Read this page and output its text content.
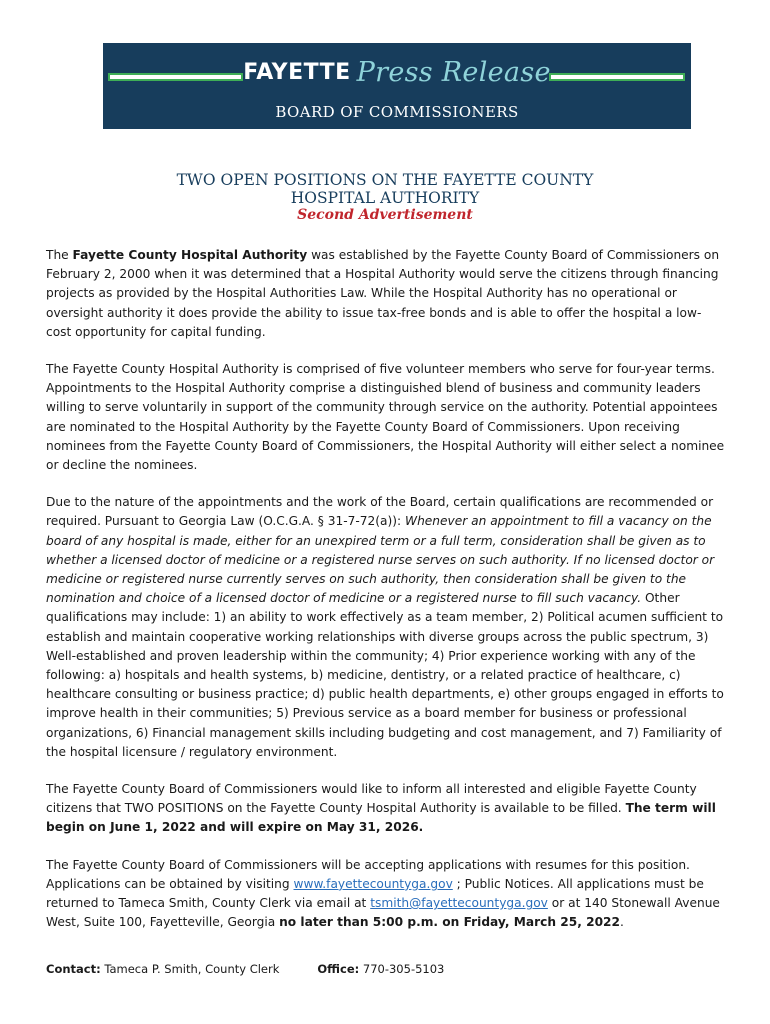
FAYETTE Press Release
BOARD OF COMMISSIONERS
TWO OPEN POSITIONS ON THE FAYETTE COUNTY
HOSPITAL AUTHORITY
Second Advertisement

The Fayette County Hospital Authority was established by the Fayette County Board of Commissioners on February 2, 2000 when it was determined that a Hospital Authority would serve the citizens through financing projects as provided by the Hospital Authorities Law. While the Hospital Authority has no operational or oversight authority it does provide the ability to issue tax-free bonds and is able to offer the hospital a low-cost opportunity for capital funding.

The Fayette County Hospital Authority is comprised of five volunteer members who serve for four-year terms. Appointments to the Hospital Authority comprise a distinguished blend of business and community leaders willing to serve voluntarily in support of the community through service on the authority. Potential appointees are nominated to the Hospital Authority by the Fayette County Board of Commissioners. Upon receiving nominees from the Fayette County Board of Commissioners, the Hospital Authority will either select a nominee or decline the nominees.

Due to the nature of the appointments and the work of the Board, certain qualifications are recommended or required. Pursuant to Georgia Law (O.C.G.A. § 31-7-72(a)): Whenever an appointment to fill a vacancy on the board of any hospital is made, either for an unexpired term or a full term, consideration shall be given as to whether a licensed doctor of medicine or a registered nurse serves on such authority. If no licensed doctor or medicine or registered nurse currently serves on such authority, then consideration shall be given to the nomination and choice of a licensed doctor of medicine or a registered nurse to fill such vacancy. Other qualifications may include: 1) an ability to work effectively as a team member, 2) Political acumen sufficient to establish and maintain cooperative working relationships with diverse groups across the public spectrum, 3) Well-established and proven leadership within the community; 4) Prior experience working with any of the following: a) hospitals and health systems, b) medicine, dentistry, or a related practice of healthcare, c) healthcare consulting or business practice; d) public health departments, e) other groups engaged in efforts to improve health in their communities; 5) Previous service as a board member for business or professional organizations, 6) Financial management skills including budgeting and cost management, and 7) Familiarity of the hospital licensure / regulatory environment.

The Fayette County Board of Commissioners would like to inform all interested and eligible Fayette County citizens that TWO POSITIONS on the Fayette County Hospital Authority is available to be filled. The term will begin on June 1, 2022 and will expire on May 31, 2026.

The Fayette County Board of Commissioners will be accepting applications with resumes for this position. Applications can be obtained by visiting www.fayettecountyga.gov ; Public Notices. All applications must be returned to Tameca Smith, County Clerk via email at tsmith@fayettecountyga.gov or at 140 Stonewall Avenue West, Suite 100, Fayetteville, Georgia no later than 5:00 p.m. on Friday, March 25, 2022.

Contact: Tameca P. Smith, County Clerk	Office: 770-305-5103
